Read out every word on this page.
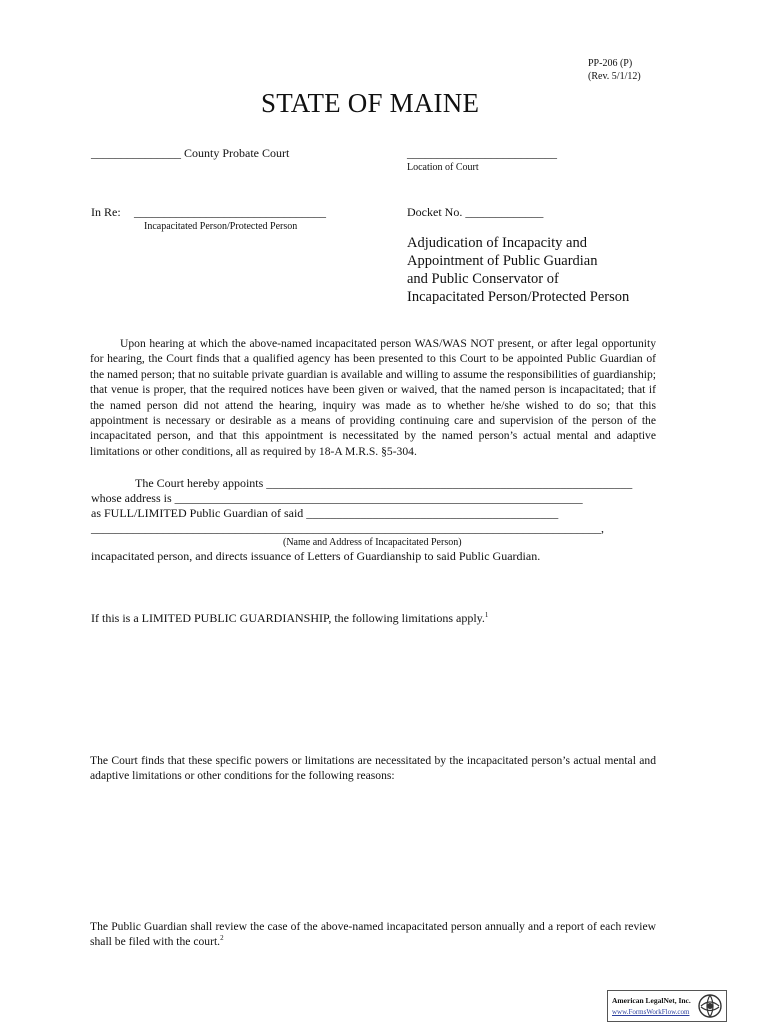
PP-206 (P)
(Rev. 5/1/12)
STATE OF MAINE
_______________ County Probate Court	_________________________
Location of Court
In Re: ________________________________
Incapacitated Person/Protected Person
Docket No. _____________
Adjudication of Incapacity and
Appointment of Public Guardian
and Public Conservator of
Incapacitated Person/Protected Person

Upon hearing at which the above-named incapacitated person WAS/WAS NOT present, or after legal opportunity for hearing, the Court finds that a qualified agency has been presented to this Court to be appointed Public Guardian of the named person; that no suitable private guardian is available and willing to assume the responsibilities of guardianship; that venue is proper, that the required notices have been given or waived, that the named person is incapacitated; that if the named person did not attend the hearing, inquiry was made as to whether he/she wished to do so; that this appointment is necessary or desirable as a means of providing continuing care and supervision of the person of the incapacitated person, and that this appointment is necessitated by the named person’s actual mental and adaptive limitations or other conditions, all as required by 18-A M.R.S. §5-304.

The Court hereby appoints _____________________________________________________________
whose address is ____________________________________________________________________
as FULL/LIMITED Public Guardian of said __________________________________________
_____________________________________________________________________________________,
(Name and Address of Incapacitated Person)
incapacitated person, and directs issuance of Letters of Guardianship to said Public Guardian.
If this is a LIMITED PUBLIC GUARDIANSHIP, the following limitations apply.$^1$

The Court finds that these specific powers or limitations are necessitated by the incapacitated person’s actual mental and adaptive limitations or other conditions for the following reasons:

The Public Guardian shall review the case of the above-named incapacitated person annually and a report of each review shall be filed with the court.$^2$

American LegalNet, Inc.
www.FormsWorkFlow.com
